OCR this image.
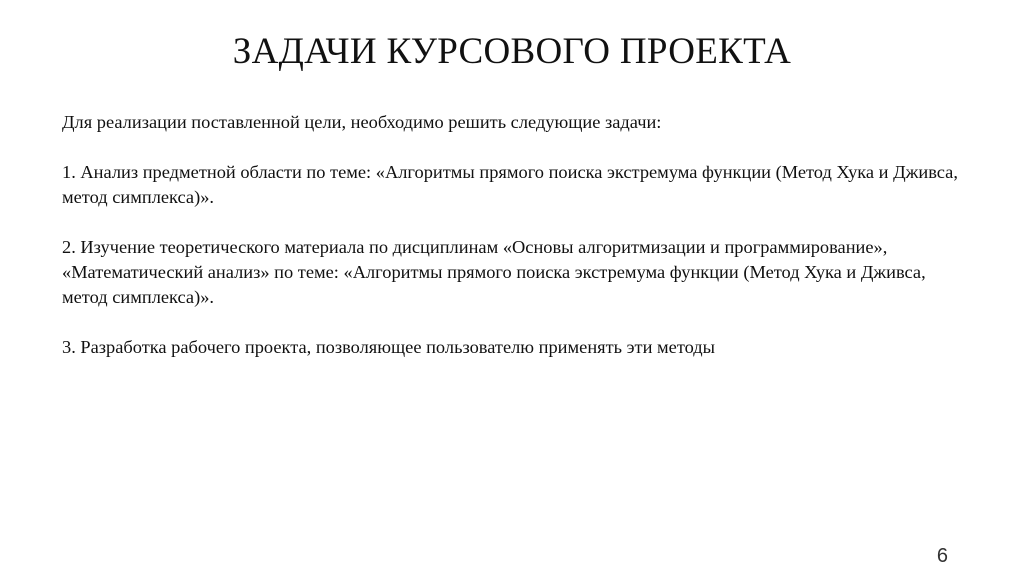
ЗАДАЧИ КУРСОВОГО ПРОЕКТА

Для реализации поставленной цели, необходимо решить следующие задачи:

1. Анализ предметной области по теме: «Алгоритмы прямого поиска экстремума функции (Метод Хука и Дживса, метод симплекса)».

2. Изучение теоретического материала по дисциплинам «Основы алгоритмизации и программирование», «Математический анализ» по теме: «Алгоритмы прямого поиска экстремума функции (Метод Хука и Дживса, метод симплекса)».

3. Разработка рабочего проекта, позволяющее пользователю применять эти методы

6
